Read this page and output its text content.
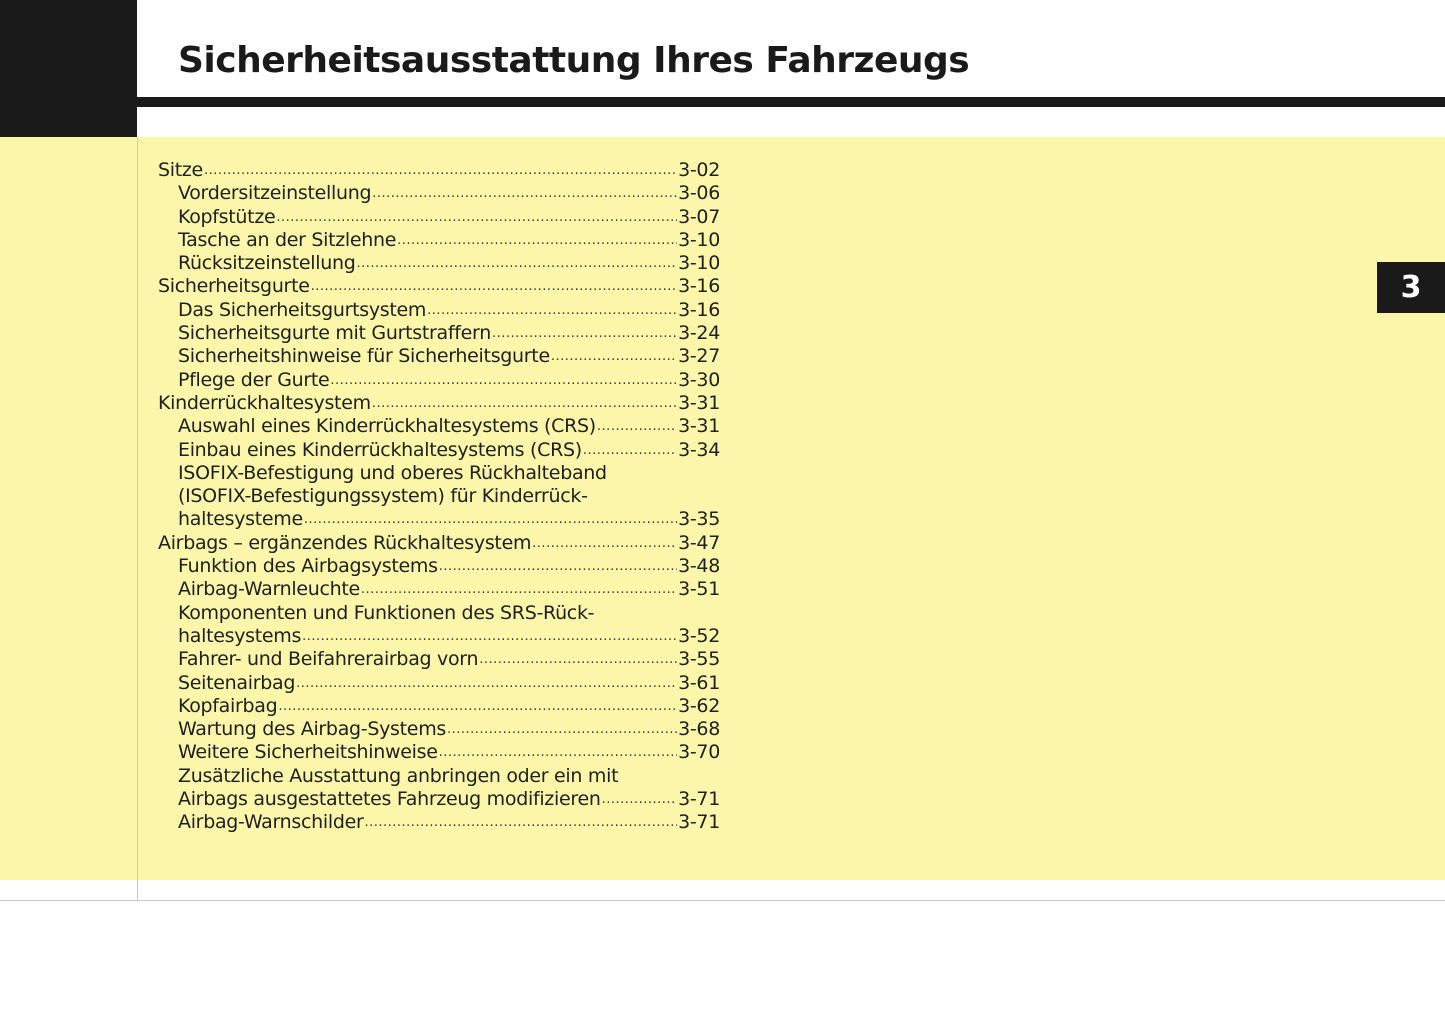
Sicherheitsausstattung Ihres Fahrzeugs
3
Sitze .....	3-02
Vordersitzeinstellung .....	3-06
Kopfstütze .....	3-07
Tasche an der Sitzlehne .....	3-10
Rücksitzeinstellung .....	3-10
Sicherheitsgurte .....	3-16
Das Sicherheitsgurtsystem .....	3-16
Sicherheitsgurte mit Gurtstraffern .....	3-24
Sicherheitshinweise für Sicherheitsgurte .....	3-27
Pflege der Gurte .....	3-30
Kinderrückhaltesystem .....	3-31
Auswahl eines Kinderrückhaltesystems (CRS) .....	3-31
Einbau eines Kinderrückhaltesystems (CRS) .....	3-34
ISOFIX-Befestigung und oberes Rückhalteband
(ISOFIX-Befestigungssystem) für Kinderrück-
haltesysteme .....	3-35
Airbags – ergänzendes Rückhaltesystem .....	3-47
Funktion des Airbagsystems .....	3-48
Airbag-Warnleuchte .....	3-51
Komponenten und Funktionen des SRS-Rück-
haltesystems .....	3-52
Fahrer- und Beifahrerairbag vorn .....	3-55
Seitenairbag .....	3-61
Kopfairbag .....	3-62
Wartung des Airbag-Systems .....	3-68
Weitere Sicherheitshinweise .....	3-70
Zusätzliche Ausstattung anbringen oder ein mit
Airbags ausgestattetes Fahrzeug modifizieren .....	3-71
Airbag-Warnschilder .....	3-71
